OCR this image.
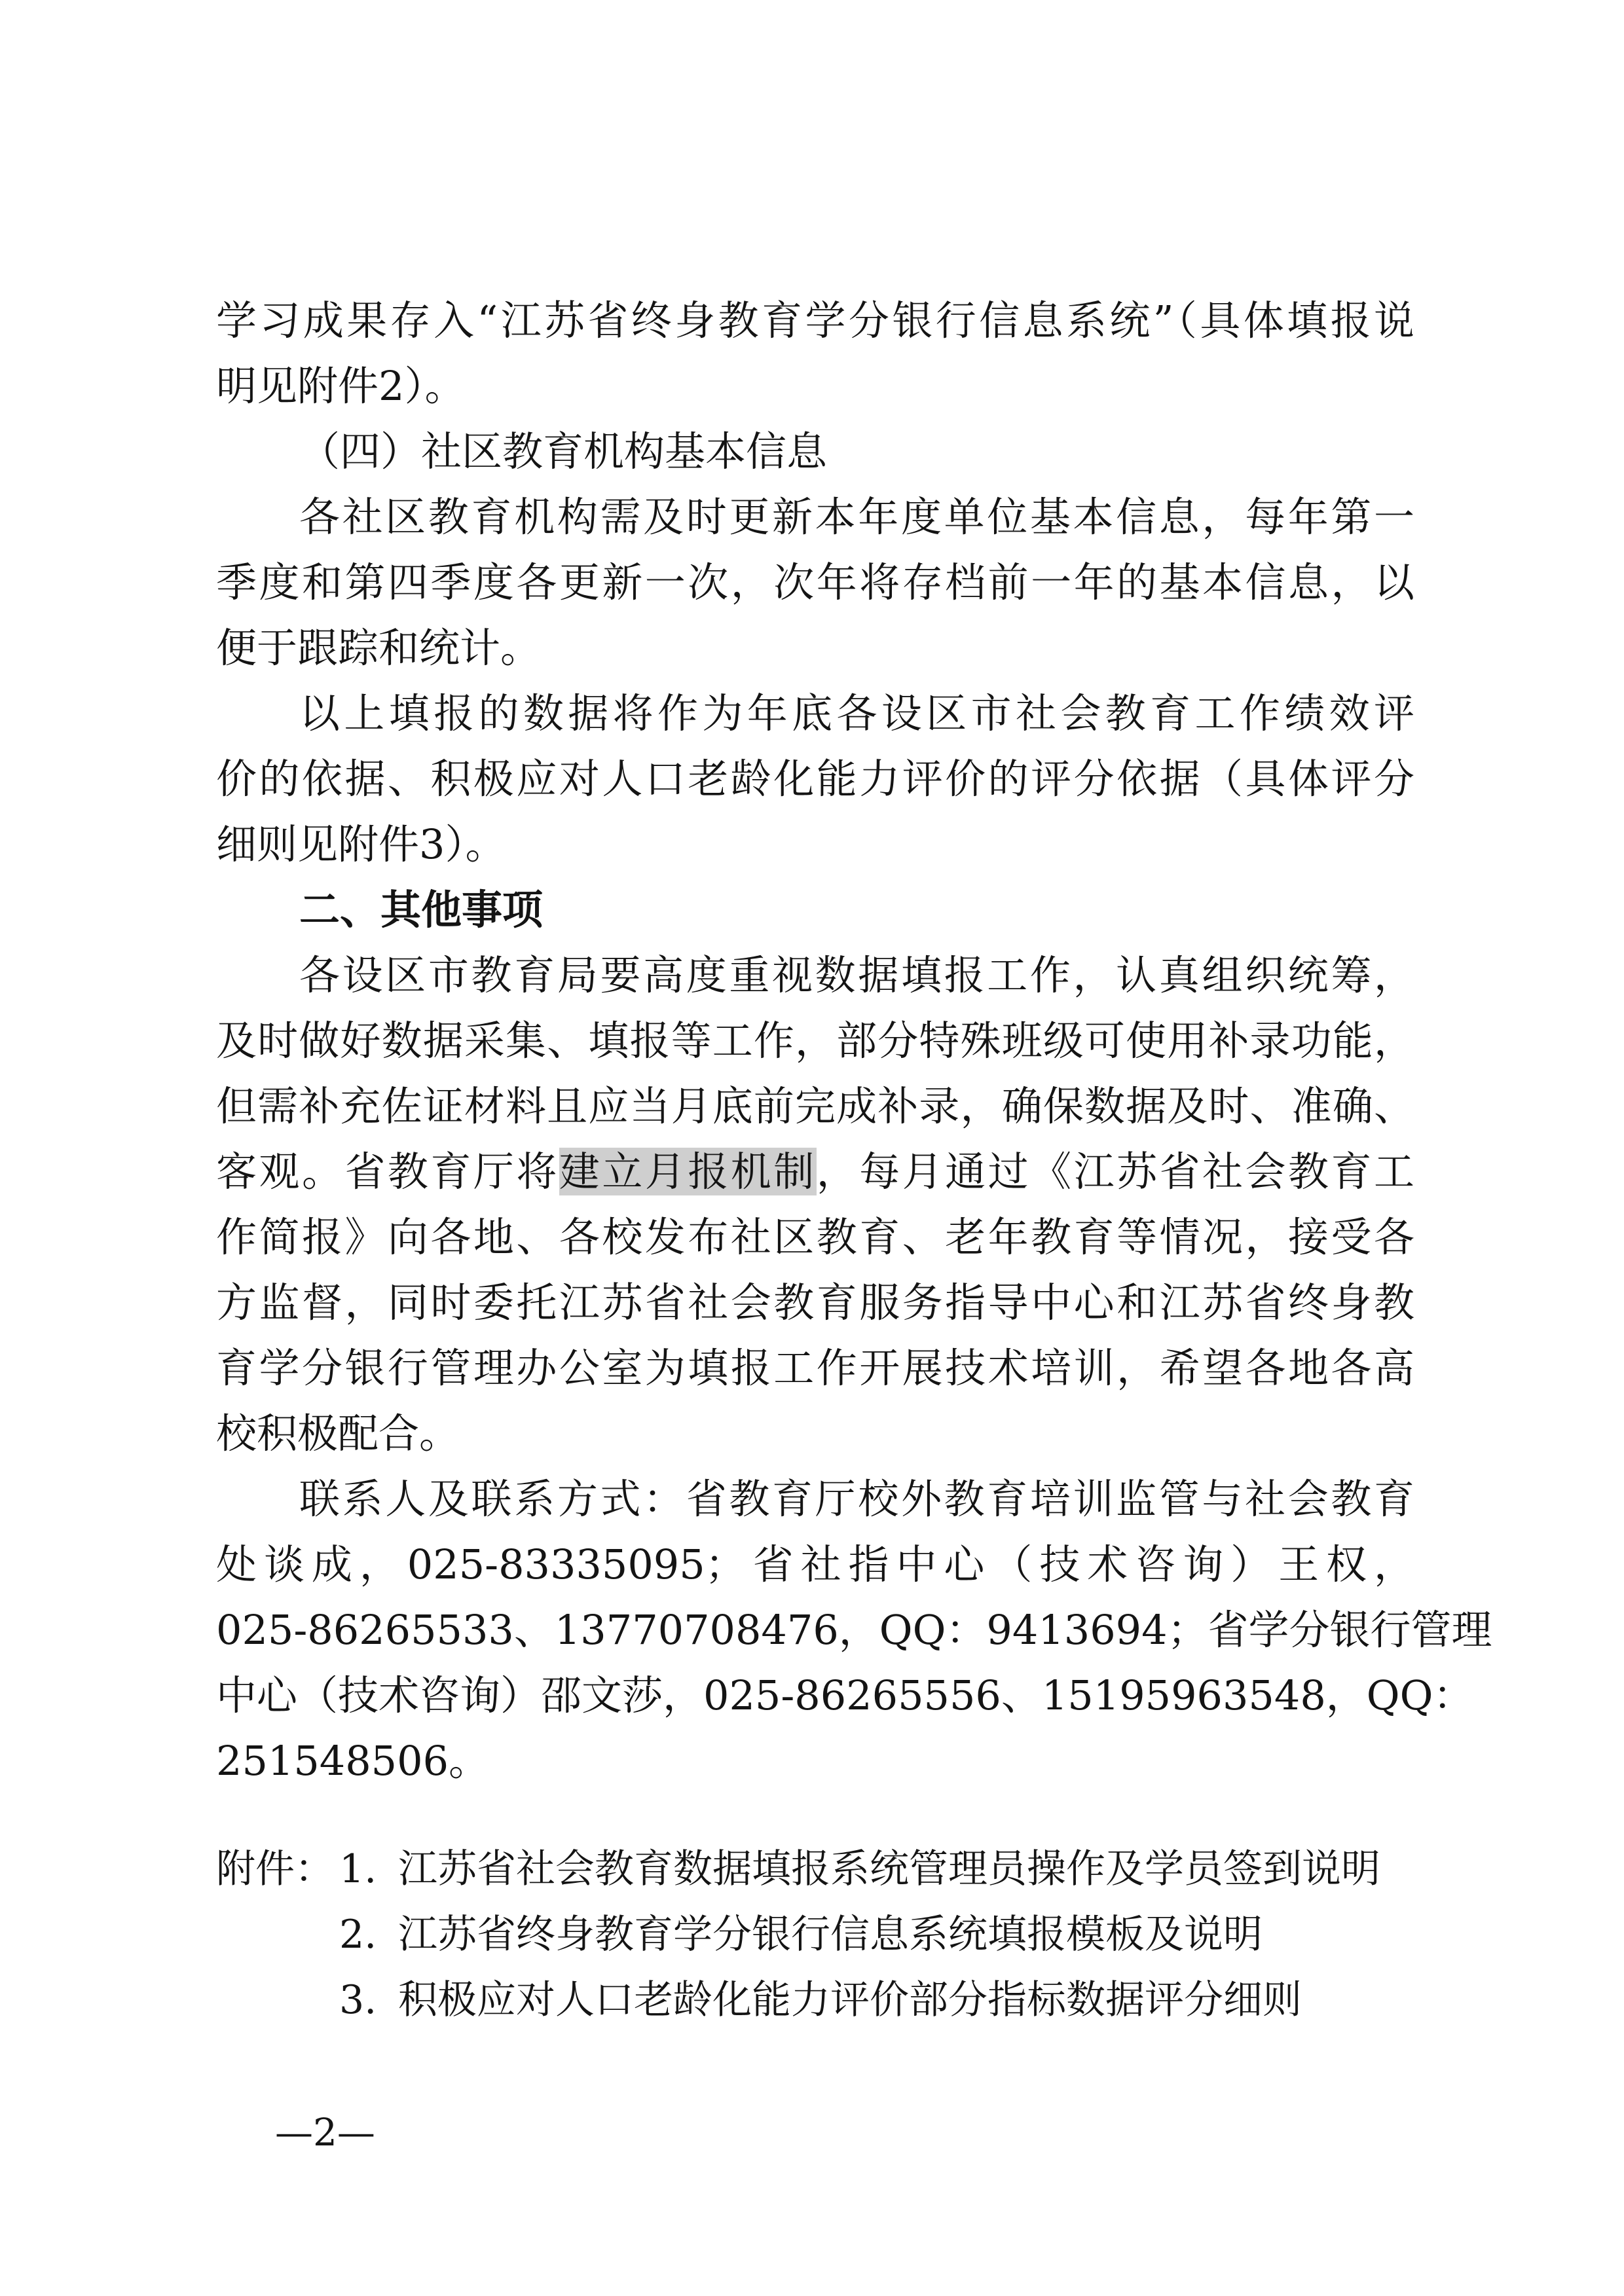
学习成果存入“江苏省终身教育学分银行信息系统”（具体填报说
明见附件2）。
（四）社区教育机构基本信息
各社区教育机构需及时更新本年度单位基本信息，每年第一
季度和第四季度各更新一次，次年将存档前一年的基本信息，以
便于跟踪和统计。
以上填报的数据将作为年底各设区市社会教育工作绩效评
价的依据、积极应对人口老龄化能力评价的评分依据（具体评分
细则见附件3）。
二、其他事项
各设区市教育局要高度重视数据填报工作，认真组织统筹，
及时做好数据采集、填报等工作，部分特殊班级可使用补录功能，
但需补充佐证材料且应当月底前完成补录，确保数据及时、准确、
客观。省教育厅将建立月报机制，每月通过《江苏省社会教育工
作简报》向各地、各校发布社区教育、老年教育等情况，接受各
方监督，同时委托江苏省社会教育服务指导中心和江苏省终身教
育学分银行管理办公室为填报工作开展技术培训，希望各地各高
校积极配合。
联系人及联系方式：省教育厅校外教育培训监管与社会教育
处谈成，025-83335095；省社指中心（技术咨询）王权，
025-86265533、13770708476，QQ：9413694；省学分银行管理
中心（技术咨询）邵文莎，025-86265556、15195963548，QQ：
251548506。
附件： 1. 江苏省社会教育数据填报系统管理员操作及学员签到说明
2. 江苏省终身教育学分银行信息系统填报模板及说明
3. 积极应对人口老龄化能力评价部分指标数据评分细则
—2—
